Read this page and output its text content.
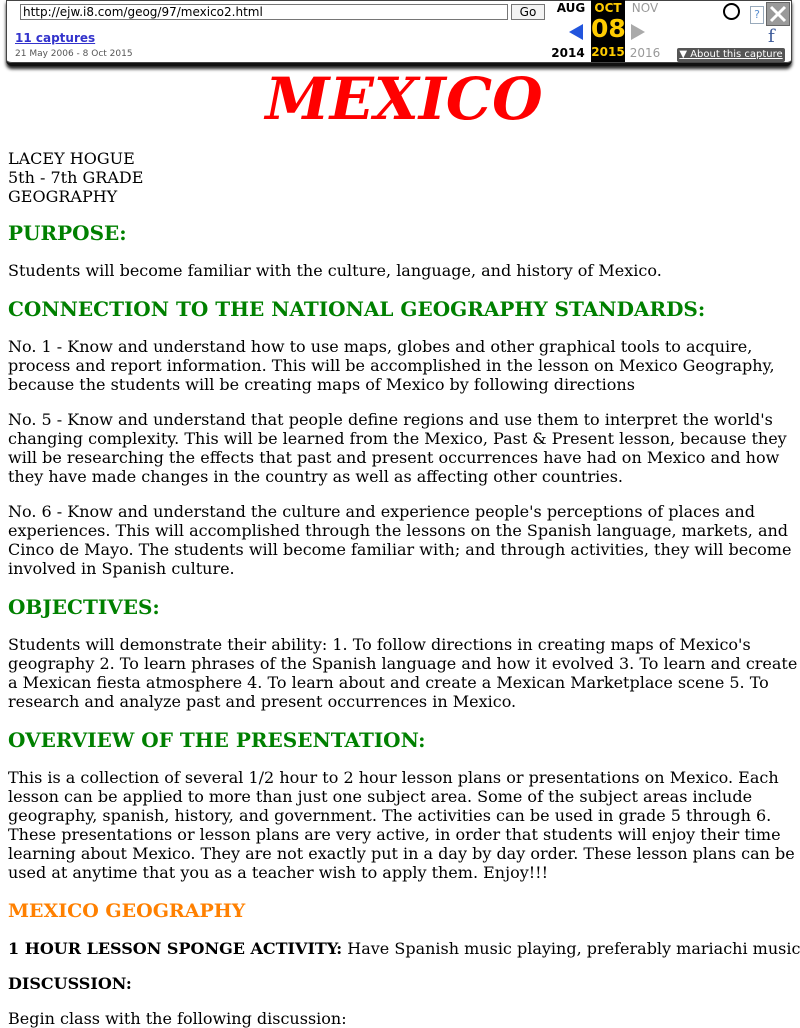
http://ejw.i8.com/geog/97/mexico2.html
Go
11 captures
21 May 2006 - 8 Oct 2015
AUG OCT
08
2015
NOV
2014	2016
?
f
▼ About this capture
MEXICO
LACEY HOGUE
5th - 7th GRADE
GEOGRAPHY
PURPOSE:

Students will become familiar with the culture, language, and history of Mexico.

CONNECTION TO THE NATIONAL GEOGRAPHY STANDARDS:

No. 1 - Know and understand how to use maps, globes and other graphical tools to acquire, process and report information. This will be accomplished in the lesson on Mexico Geography, because the students will be creating maps of Mexico by following directions

No. 5 - Know and understand that people define regions and use them to interpret the world's changing complexity. This will be learned from the Mexico, Past & Present lesson, because they will be researching the effects that past and present occurrences have had on Mexico and how they have made changes in the country as well as affecting other countries.

No. 6 - Know and understand the culture and experience people's perceptions of places and experiences. This will accomplished through the lessons on the Spanish language, markets, and Cinco de Mayo. The students will become familiar with; and through activities, they will become involved in Spanish culture.

OBJECTIVES:

Students will demonstrate their ability: 1. To follow directions in creating maps of Mexico's geography 2. To learn phrases of the Spanish language and how it evolved 3. To learn and create a Mexican fiesta atmosphere 4. To learn about and create a Mexican Marketplace scene 5. To research and analyze past and present occurrences in Mexico.

OVERVIEW OF THE PRESENTATION:

This is a collection of several 1/2 hour to 2 hour lesson plans or presentations on Mexico. Each lesson can be applied to more than just one subject area. Some of the subject areas include geography, spanish, history, and government. The activities can be used in grade 5 through 6. These presentations or lesson plans are very active, in order that students will enjoy their time learning about Mexico. They are not exactly put in a day by day order. These lesson plans can be used at anytime that you as a teacher wish to apply them. Enjoy!!!

MEXICO GEOGRAPHY

1 HOUR LESSON SPONGE ACTIVITY: Have Spanish music playing, preferably mariachi music

DISCUSSION:

Begin class with the following discussion:
